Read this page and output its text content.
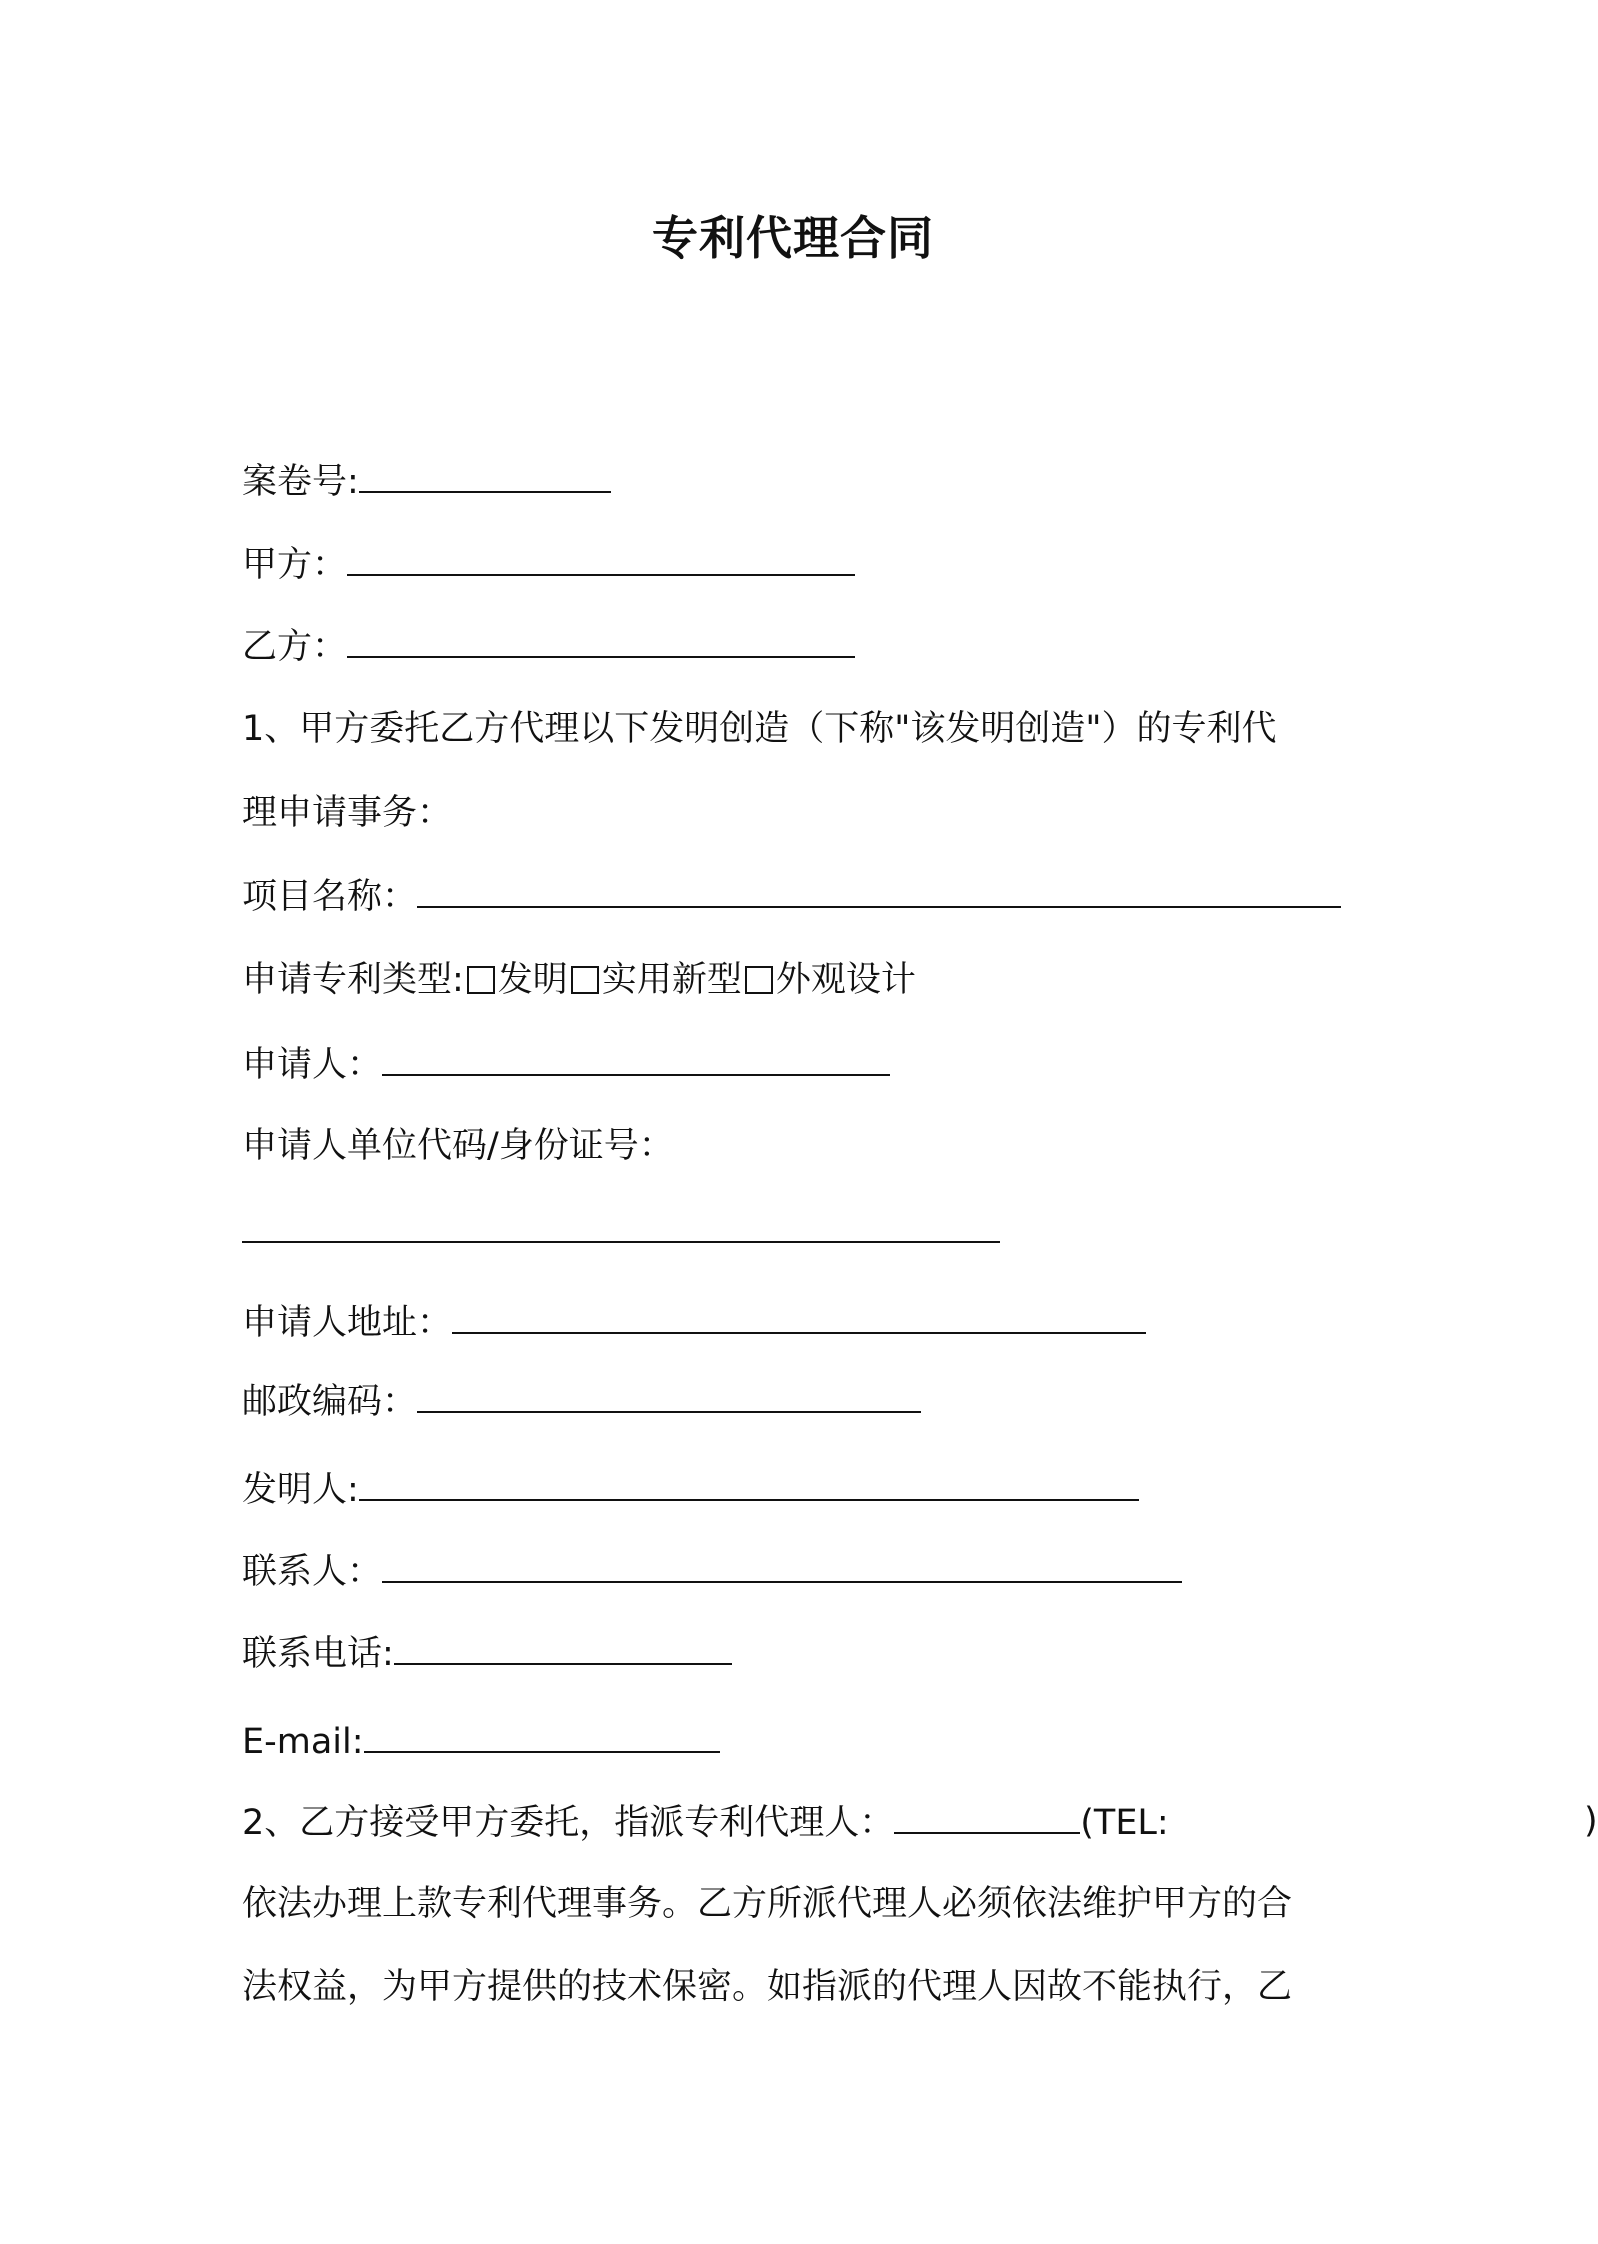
专利代理合同
案卷号:
甲方：
乙方：
1、甲方委托乙方代理以下发明创造（下称"该发明创造"）的专利代
理申请事务：
项目名称：
申请专利类型: 发明 实用新型 外观设计
申请人：
申请人单位代码/身份证号：
申请人地址：
邮政编码：
发明人:
联系人：
联系电话:
E-mail:
2、乙方接受甲方委托，指派专利代理人：	(TEL:	)
依法办理上款专利代理事务。乙方所派代理人必须依法维护甲方的合
法权益，为甲方提供的技术保密。如指派的代理人因故不能执行，乙
